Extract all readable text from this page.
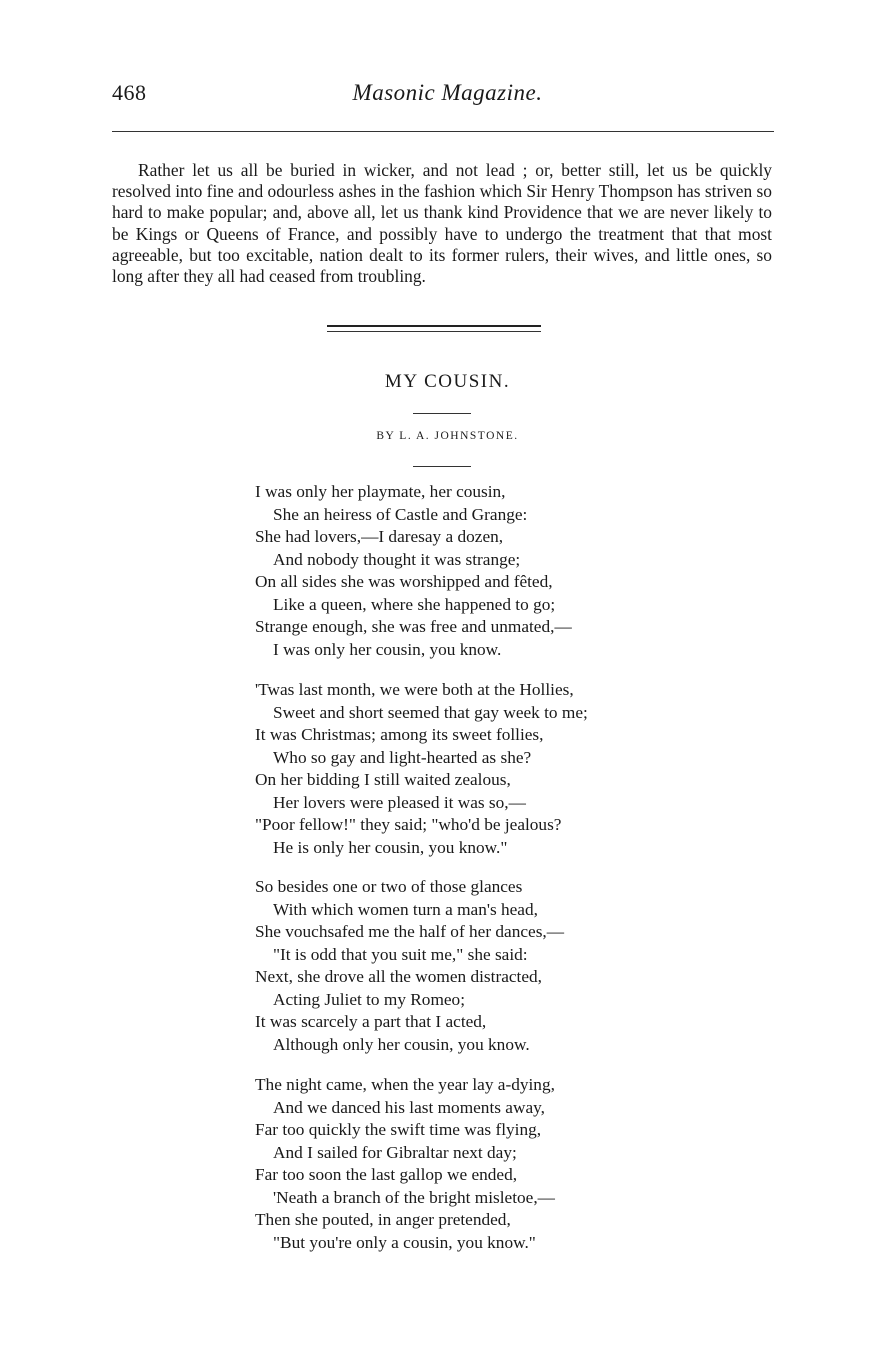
468	Masonic Magazine.

Rather let us all be buried in wicker, and not lead ; or, better still, let us be quickly resolved into fine and odourless ashes in the fashion which Sir Henry Thompson has striven so hard to make popular; and, above all, let us thank kind Providence that we are never likely to be Kings or Queens of France, and possibly have to undergo the treatment that that most agreeable, but too excitable, nation dealt to its former rulers, their wives, and little ones, so long after they all had ceased from troubling.

MY COUSIN.
BY L. A. JOHNSTONE.
I was only her playmate, her cousin,
She an heiress of Castle and Grange:
She had lovers,—I daresay a dozen,
And nobody thought it was strange;
On all sides she was worshipped and fêted,
Like a queen, where she happened to go;
Strange enough, she was free and unmated,—
I was only her cousin, you know.
'Twas last month, we were both at the Hollies,
Sweet and short seemed that gay week to me;
It was Christmas; among its sweet follies,
Who so gay and light-hearted as she?
On her bidding I still waited zealous,
Her lovers were pleased it was so,—
"Poor fellow!" they said; "who'd be jealous?
He is only her cousin, you know."
So besides one or two of those glances
With which women turn a man's head,
She vouchsafed me the half of her dances,—
"It is odd that you suit me," she said:
Next, she drove all the women distracted,
Acting Juliet to my Romeo;
It was scarcely a part that I acted,
Although only her cousin, you know.
The night came, when the year lay a-dying,
And we danced his last moments away,
Far too quickly the swift time was flying,
And I sailed for Gibraltar next day;
Far too soon the last gallop we ended,
'Neath a branch of the bright misletoe,—
Then she pouted, in anger pretended,
"But you're only a cousin, you know."
